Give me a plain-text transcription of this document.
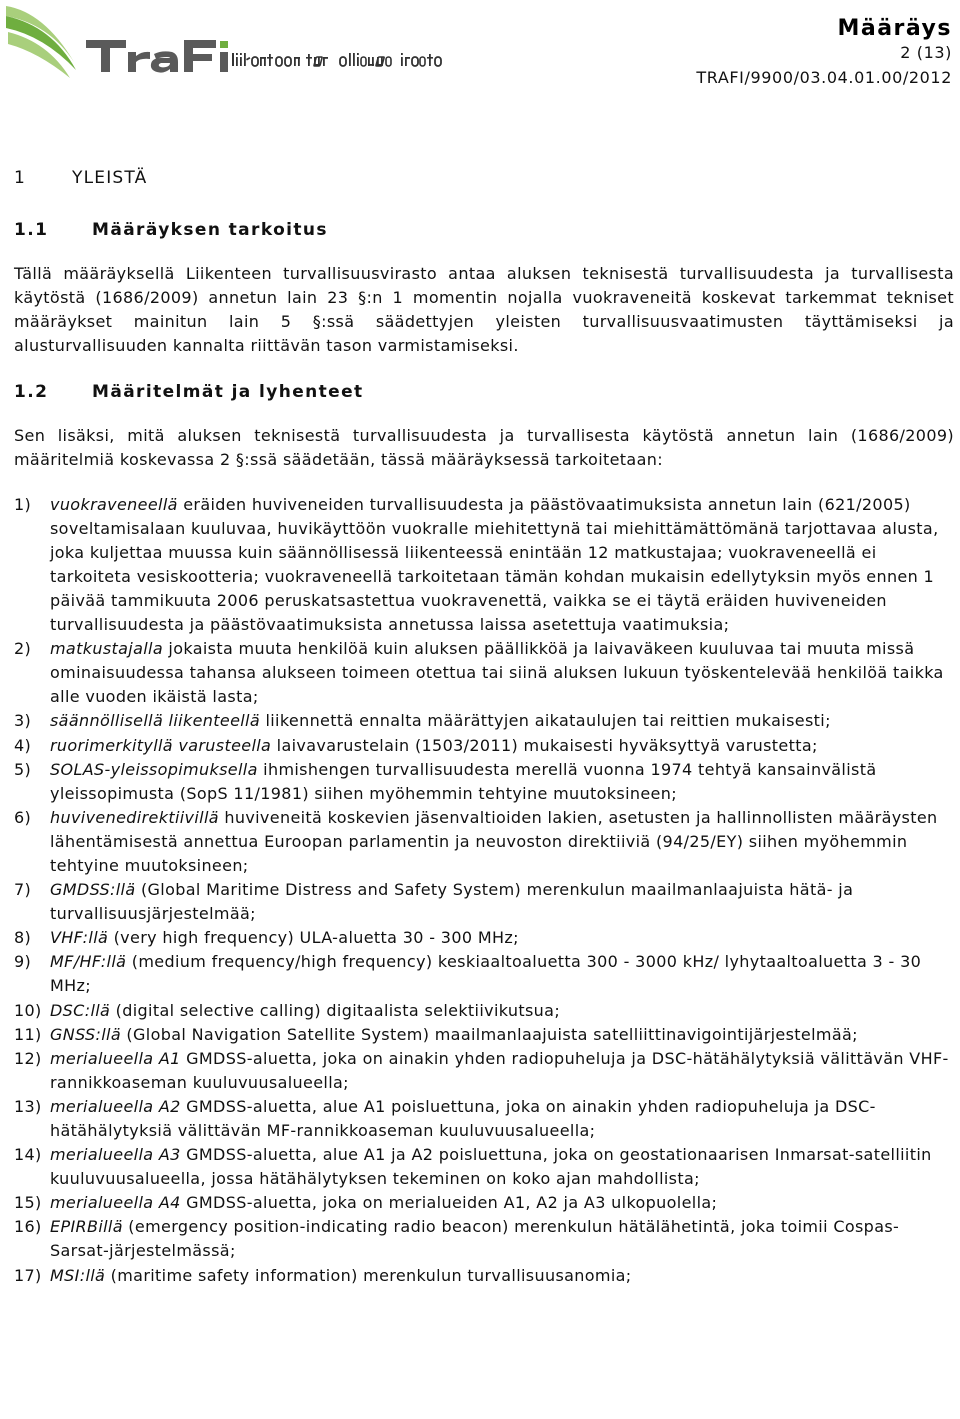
Määräys
2 (13)
TRAFI/9900/03.04.01.00/2012
1	YLEISTÄ
1.1	Määräyksen tarkoitus

Tällä määräyksellä Liikenteen turvallisuusvirasto antaa aluksen teknisestä turvallisuudesta ja turvallisesta käytöstä (1686/2009) annetun lain 23 §:n 1 momentin nojalla vuokraveneitä koskevat tarkemmat tekniset määräykset mainitun lain 5 §:ssä säädettyjen yleisten turvallisuusvaatimusten täyttämiseksi ja alusturvallisuuden kannalta riittävän tason varmistamiseksi.

1.2	Määritelmät ja lyhenteet

Sen lisäksi, mitä aluksen teknisestä turvallisuudesta ja turvallisesta käytöstä annetun lain (1686/2009) määritelmiä koskevassa 2 §:ssä säädetään, tässä määräyksessä tarkoitetaan:

1) vuokraveneellä eräiden huviveneiden turvallisuudesta ja päästövaatimuksista annetun lain (621/2005) soveltamisalaan kuuluvaa, huvikäyttöön vuokralle miehitettynä tai miehittämättömänä tarjottavaa alusta, joka kuljettaa muussa kuin säännöllisessä liikenteessä enintään 12 matkustajaa; vuokraveneellä ei tarkoiteta vesiskootteria; vuokraveneellä tarkoitetaan tämän kohdan mukaisin edellytyksin myös ennen 1 päivää tammikuuta 2006 peruskatsastettua vuokravenettä, vaikka se ei täytä eräiden huviveneiden turvallisuudesta ja päästövaatimuksista annetussa laissa asetettuja vaatimuksia;
2) matkustajalla jokaista muuta henkilöä kuin aluksen päällikköä ja laivaväkeen kuuluvaa tai muuta missä ominaisuudessa tahansa alukseen toimeen otettua tai siinä aluksen lukuun työskentelevää henkilöä taikka alle vuoden ikäistä lasta;
3) säännöllisellä liikenteellä liikennettä ennalta määrättyjen aikataulujen tai reittien mukaisesti;
4) ruorimerkityllä varusteella laivavarustelain (1503/2011) mukaisesti hyväksyttyä varustetta;
5) SOLAS-yleissopimuksella ihmishengen turvallisuudesta merellä vuonna 1974 tehtyä kansainvälistä yleissopimusta (SopS 11/1981) siihen myöhemmin tehtyine muutoksineen;
6) huvivenedirektiivillä huviveneitä koskevien jäsenvaltioiden lakien, asetusten ja hallinnollisten määräysten lähentämisestä annettua Euroopan parlamentin ja neuvoston direktiiviä (94/25/EY) siihen myöhemmin tehtyine muutoksineen;
7) GMDSS:llä (Global Maritime Distress and Safety System) merenkulun maailmanlaajuista hätä- ja turvallisuusjärjestelmää;
8) VHF:llä (very high frequency) ULA-aluetta 30 - 300 MHz;
9) MF/HF:llä (medium frequency/high frequency) keskiaaltoaluetta 300 - 3000 kHz/ lyhytaaltoaluetta 3 - 30 MHz;
10) DSC:llä (digital selective calling) digitaalista selektiivikutsua;
11) GNSS:llä (Global Navigation Satellite System) maailmanlaajuista satelliittinavigointijärjestelmää;
12) merialueella A1 GMDSS-aluetta, joka on ainakin yhden radiopuheluja ja DSC-hätähälytyksiä välittävän VHF-rannikkoaseman kuuluvuusalueella;
13) merialueella A2 GMDSS-aluetta, alue A1 poisluettuna, joka on ainakin yhden radiopuheluja ja DSC-hätähälytyksiä välittävän MF-rannikkoaseman kuuluvuusalueella;
14) merialueella A3 GMDSS-aluetta, alue A1 ja A2 poisluettuna, joka on geostationaarisen Inmarsat-satelliitin kuuluvuusalueella, jossa hätähälytyksen tekeminen on koko ajan mahdollista;
15) merialueella A4 GMDSS-aluetta, joka on merialueiden A1, A2 ja A3 ulkopuolella;
16) EPIRBillä (emergency position-indicating radio beacon) merenkulun hätälähetintä, joka toimii Cospas-Sarsat-järjestelmässä;
17) MSI:llä (maritime safety information) merenkulun turvallisuusanomia;
